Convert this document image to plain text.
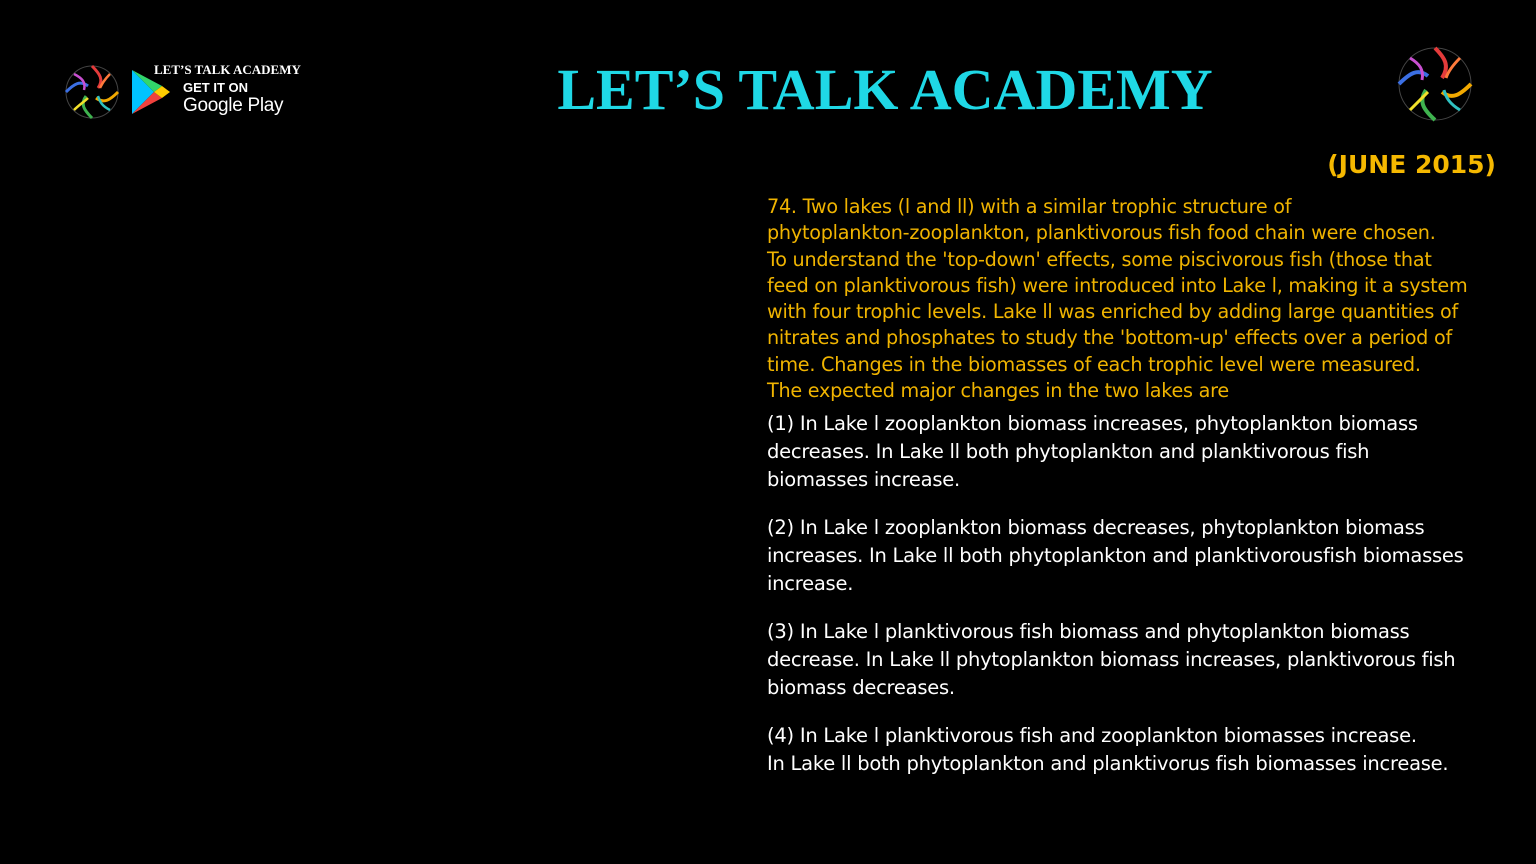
LET’S TALK ACADEMY
GET IT ON
Google Play	LET’S TALK ACADEMY
(JUNE 2015)
74. Two lakes (l and ll) with a similar trophic structure of
phytoplankton-zooplankton, planktivorous fish food chain were chosen.
To understand the 'top-down' effects, some piscivorous fish (those that
feed on planktivorous fish) were introduced into Lake l, making it a system
with four trophic levels. Lake ll was enriched by adding large quantities of
nitrates and phosphates to study the 'bottom-up' effects over a period of
time. Changes in the biomasses of each trophic level were measured.
The expected major changes in the two lakes are
(1) In Lake l zooplankton biomass increases, phytoplankton biomass
decreases. In Lake ll both phytoplankton and planktivorous fish
biomasses increase.
(2) In Lake l zooplankton biomass decreases, phytoplankton biomass
increases. In Lake ll both phytoplankton and planktivorousfish biomasses
increase.
(3) In Lake l planktivorous fish biomass and phytoplankton biomass
decrease. In Lake ll phytoplankton biomass increases, planktivorous fish
biomass decreases.
(4) In Lake l planktivorous fish and zooplankton biomasses increase.
In Lake ll both phytoplankton and planktivorus fish biomasses increase.
